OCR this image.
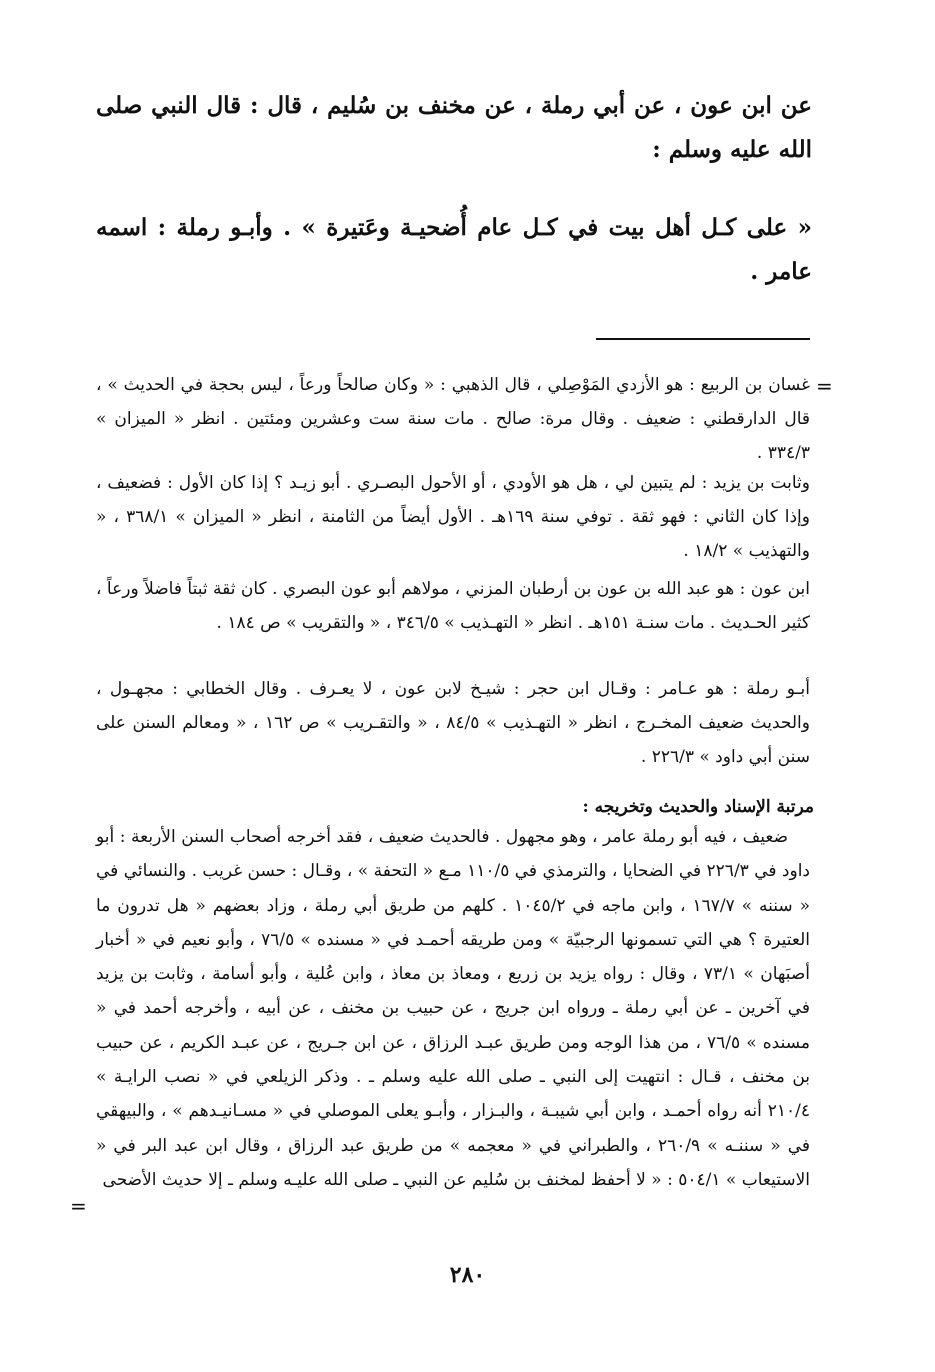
عن ابن عون ، عن أبي رملة ، عن مخنف بن سُليم ، قال : قال النبي صلى الله عليه وسلم :
« على كـل أهل بيت في كـل عام أُضحيـة وعَتيرة » . وأبـو رملة : اسمه عامر .
=
غسان بن الربيع : هو الأزدي المَوْصِلي ، قال الذهبي : « وكان صالحاً ورعاً ، ليس بحجة في الحديث » ، قال الدارقطني : ضعيف . وقال مرة: صالح . مات سنة ست وعشرين ومئتين . انظر « الميزان » ٣٣٤/٣ .
وثابت بن يزيد : لم يتبين لي ، هل هو الأودي ، أو الأحول البصـري . أبو زيـد ؟ إذا كان الأول : فضعيف ، وإذا كان الثاني : فهو ثقة . توفي سنة ١٦٩هـ . الأول أيضاً من الثامنة ، انظر « الميزان » ٣٦٨/١ ، « والتهذيب » ١٨/٢ .
ابن عون : هو عبد الله بن عون بن أرطبان المزني ، مولاهم أبو عون البصري . كان ثقة ثبتاً فاضلاً ورعاً ، كثير الحـديث . مات سنـة ١٥١هـ . انظر « التهـذيب » ٣٤٦/٥ ، « والتقريب » ص ١٨٤ .
أبـو رملة : هو عـامر : وقـال ابن حجر : شيـخ لابن عون ، لا يعـرف . وقال الخطابي : مجهـول ، والحديث ضعيف المخـرج ، انظر « التهـذيب » ٨٤/٥ ، « والتقـريب » ص ١٦٢ ، « ومعالم السنن على سنن أبي داود » ٢٢٦/٣ .
مرتبة الإسناد والحديث وتخريجه :
ضعيف ، فيه أبو رملة عامر ، وهو مجهول . فالحديث ضعيف ، فقد أخرجه أصحاب السنن الأربعة : أبو داود في ٢٢٦/٣ في الضحايا ، والترمذي في ١١٠/٥ مـع « التحفة » ، وقـال : حسن غريب . والنسائي في « سننه » ١٦٧/٧ ، وابن ماجه في ١٠٤٥/٢ . كلهم من طريق أبي رملة ، وزاد بعضهم « هل تدرون ما العتيرة ؟ هي التي تسمونها الرجبيّة » ومن طريقه أحمـد في « مسنده » ٧٦/٥ ، وأبو نعيم في « أخبار أصبَهان » ٧٣/١ ، وقال : رواه يزيد بن زريع ، ومعاذ بن معاذ ، وابن عُلية ، وأبو أسامة ، وثابت بن يزيد في آخرين ـ عن أبي رملة ـ ورواه ابن جريج ، عن حبيب بن مخنف ، عن أبيه ، وأخرجه أحمد في « مسنده » ٧٦/٥ ، من هذا الوجه ومن طريق عبـد الرزاق ، عن ابن جـريج ، عن عبـد الكريم ، عن حبيب بن مخنف ، قـال : انتهيت إلى النبي ـ صلى الله عليه وسلم ـ . وذكر الزيلعي في « نصب الرايـة » ٢١٠/٤ أنه رواه أحمـد ، وابن أبي شيبـة ، والبـزار ، وأبـو يعلى الموصلي في « مسـانيـدهم » ، والبيهقي في « سننـه » ٢٦٠/٩ ، والطبراني في « معجمه » من طريق عبد الرزاق ، وقال ابن عبد البر في « الاستيعاب » ٥٠٤/١ : « لا أحفظ لمخنف بن سُليم عن النبي ـ صلى الله عليـه وسلم ـ إلا حديث الأضحى
=
٢٨٠
